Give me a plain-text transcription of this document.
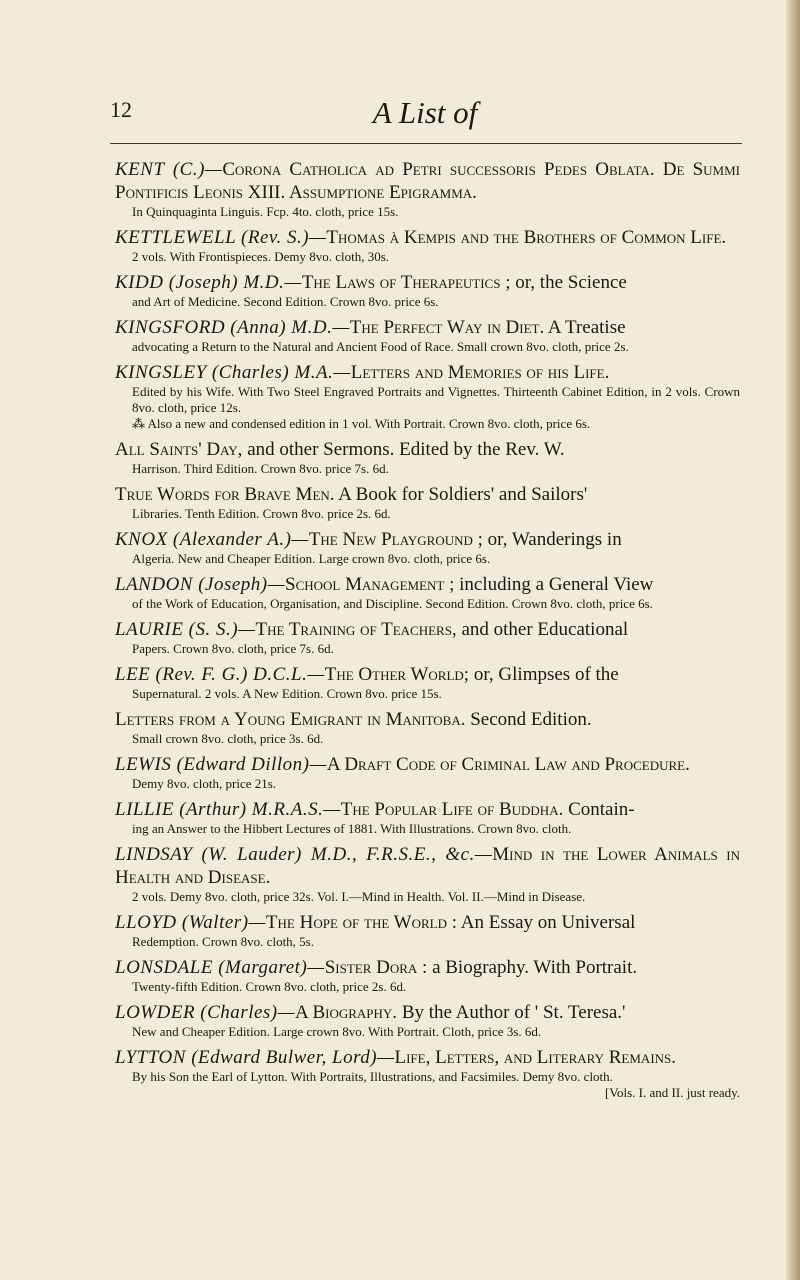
12	A List of
KENT (C.)—Corona Catholica ad Petri successoris Pedes Oblata. De Summi Pontificis Leonis XIII. Assumptione Epigramma.
In Quinquaginta Linguis. Fcp. 4to. cloth, price 15s.
KETTLEWELL (Rev. S.)—Thomas à Kempis and the Brothers of Common Life.
2 vols. With Frontispieces. Demy 8vo. cloth, 30s.
KIDD (Joseph) M.D.—The Laws of Therapeutics ; or, the Science
and Art of Medicine. Second Edition. Crown 8vo. price 6s.
KINGSFORD (Anna) M.D.—The Perfect Way in Diet. A Treatise
advocating a Return to the Natural and Ancient Food of Race. Small crown 8vo. cloth, price 2s.
KINGSLEY (Charles) M.A.—Letters and Memories of his Life.
Edited by his Wife. With Two Steel Engraved Portraits and Vignettes. Thirteenth Cabinet Edition, in 2 vols. Crown 8vo. cloth, price 12s.
⁂ Also a new and condensed edition in 1 vol. With Portrait. Crown 8vo. cloth, price 6s.
All Saints' Day, and other Sermons. Edited by the Rev. W.
Harrison. Third Edition. Crown 8vo. price 7s. 6d.
True Words for Brave Men. A Book for Soldiers' and Sailors'
Libraries. Tenth Edition. Crown 8vo. price 2s. 6d.
KNOX (Alexander A.)—The New Playground ; or, Wanderings in
Algeria. New and Cheaper Edition. Large crown 8vo. cloth, price 6s.
LANDON (Joseph)—School Management ; including a General View
of the Work of Education, Organisation, and Discipline. Second Edition. Crown 8vo. cloth, price 6s.
LAURIE (S. S.)—The Training of Teachers, and other Educational
Papers. Crown 8vo. cloth, price 7s. 6d.
LEE (Rev. F. G.) D.C.L.—The Other World; or, Glimpses of the
Supernatural. 2 vols. A New Edition. Crown 8vo. price 15s.
Letters from a Young Emigrant in Manitoba. Second Edition.
Small crown 8vo. cloth, price 3s. 6d.
LEWIS (Edward Dillon)—A Draft Code of Criminal Law and Procedure.
Demy 8vo. cloth, price 21s.
LILLIE (Arthur) M.R.A.S.—The Popular Life of Buddha. Contain-
ing an Answer to the Hibbert Lectures of 1881. With Illustrations. Crown 8vo. cloth.
LINDSAY (W. Lauder) M.D., F.R.S.E., &c.—Mind in the Lower Animals in Health and Disease.
2 vols. Demy 8vo. cloth, price 32s. Vol. I.—Mind in Health. Vol. II.—Mind in Disease.
LLOYD (Walter)—The Hope of the World : An Essay on Universal
Redemption. Crown 8vo. cloth, 5s.
LONSDALE (Margaret)—Sister Dora : a Biography. With Portrait.
Twenty-fifth Edition. Crown 8vo. cloth, price 2s. 6d.
LOWDER (Charles)—A Biography. By the Author of ' St. Teresa.'
New and Cheaper Edition. Large crown 8vo. With Portrait. Cloth, price 3s. 6d.
LYTTON (Edward Bulwer, Lord)—Life, Letters, and Literary Remains.
By his Son the Earl of Lytton. With Portraits, Illustrations, and Facsimiles. Demy 8vo. cloth.
[Vols. I. and II. just ready.
